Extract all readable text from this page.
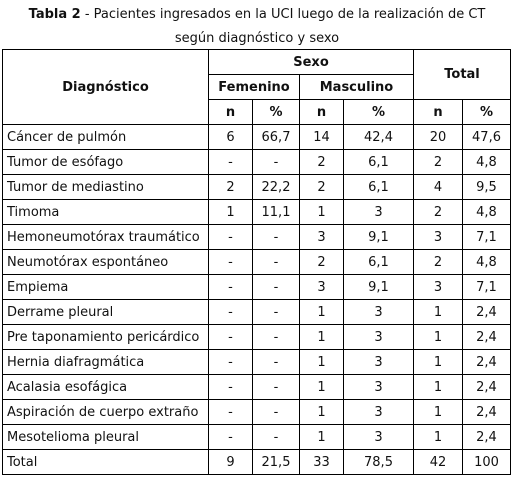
Tabla 2 - Pacientes ingresados en la UCI luego de la realización de CT
según diagnóstico y sexo
Diagnóstico	Sexo				Total	
	Femenino		Masculino			
	n	%	n	%	n	%
Cáncer de pulmón	6	66,7	14	42,4	20	47,6
Tumor de esófago	-	-	2	6,1	2	4,8
Tumor de mediastino	2	22,2	2	6,1	4	9,5
Timoma	1	11,1	1	3	2	4,8
Hemoneumotórax traumático	-	-	3	9,1	3	7,1
Neumotórax espontáneo	-	-	2	6,1	2	4,8
Empiema	-	-	3	9,1	3	7,1
Derrame pleural	-	-	1	3	1	2,4
Pre taponamiento pericárdico	-	-	1	3	1	2,4
Hernia diafragmática	-	-	1	3	1	2,4
Acalasia esofágica	-	-	1	3	1	2,4
Aspiración de cuerpo extraño	-	-	1	3	1	2,4
Mesotelioma pleural	-	-	1	3	1	2,4
Total	9	21,5	33	78,5	42	100
